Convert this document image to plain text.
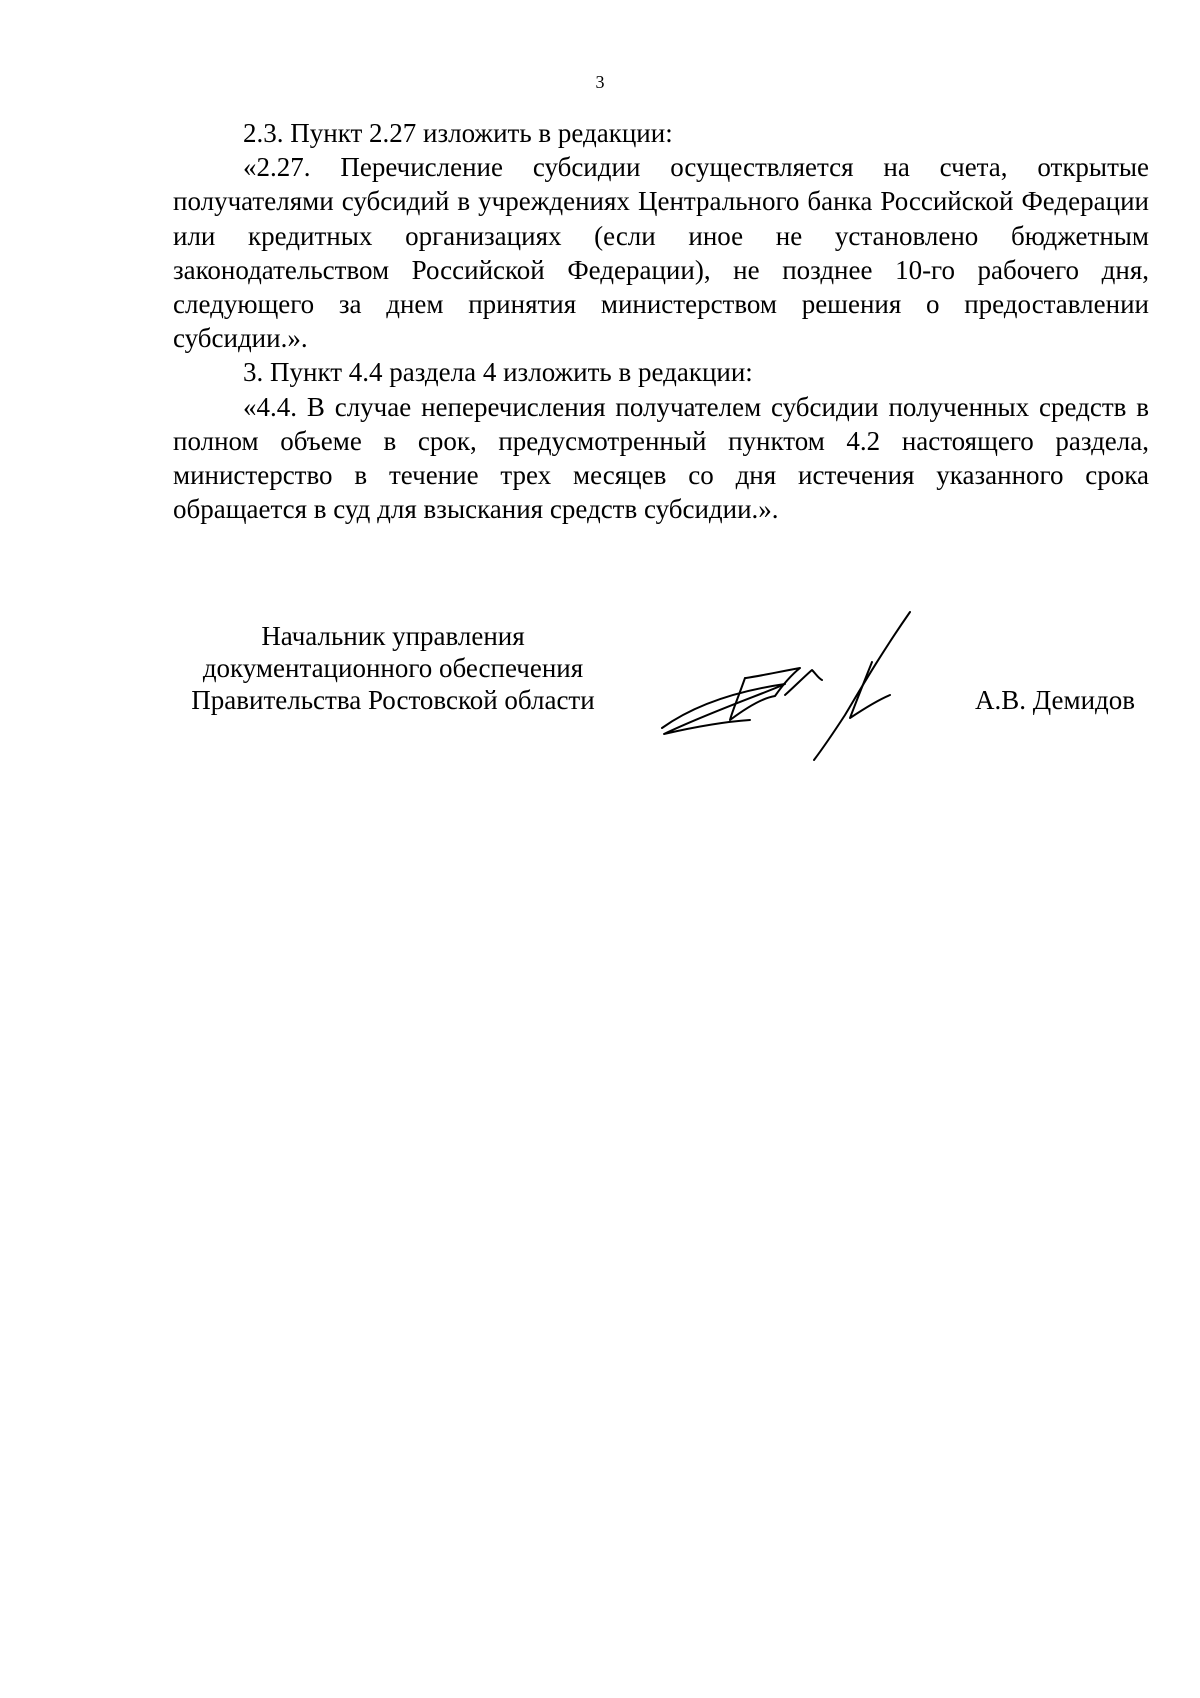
3

2.3. Пункт 2.27 изложить в редакции:

«2.27. Перечисление субсидии осуществляется на счета, открытые получателями субсидий в учреждениях Центрального банка Российской Федерации или кредитных организациях (если иное не установлено бюджетным законодательством Российской Федерации), не позднее 10-го рабочего дня, следующего за днем принятия министерством решения о предоставлении субсидии.».

3. Пункт 4.4 раздела 4 изложить в редакции:

«4.4. В случае неперечисления получателем субсидии полученных средств в полном объеме в срок, предусмотренный пунктом 4.2 настоящего раздела, министерство в течение трех месяцев со дня истечения указанного срока обращается в суд для взыскания средств субсидии.».

Начальник управления
документационного обеспечения
Правительства Ростовской области	А.В. Демидов
